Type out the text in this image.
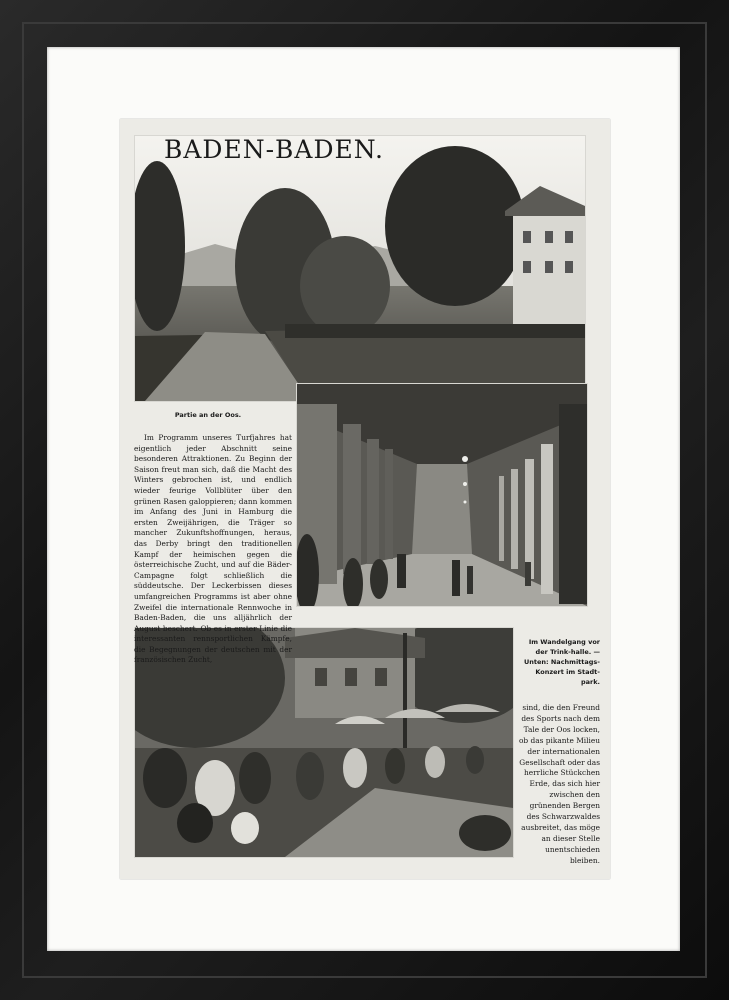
BADEN-BADEN.
Partie an der Oos.

Im Programm unseres Turfjahres hat eigentlich jeder Abschnitt seine besonderen Attraktionen. Zu Beginn der Saison freut man sich, daß die Macht des Winters gebrochen ist, und endlich wieder feurige Vollblüter über den grünen Rasen galoppieren; dann kommen im Anfang des Juni in Hamburg die ersten Zweijährigen, die Träger so mancher Zukunftshoffnungen, heraus, das Derby bringt den traditionellen Kampf der heimischen gegen die österreichische Zucht, und auf die Bäder-Campagne folgt schließlich die süddeutsche. Der Leckerbissen dieses umfangreichen Programms ist aber ohne Zweifel die internationale Rennwoche in Baden-Baden, die uns alljährlich der August beschert. Ob es in erster Linie die interessanten rennsportlichen Kämpfe, die Begegnungen der deutschen mit der französischen Zucht,

Im Wandelgang vor der Trink-halle. — Unten: Nachmittags-Konzert im Stadt-park.

sind, die den Freund des Sports nach dem Tale der Oos locken, ob das pikante Milieu der internationalen Gesellschaft oder das herrliche Stückchen Erde, das sich hier zwischen den grünenden Bergen des Schwarzwaldes ausbreitet, das möge an dieser Stelle unentschieden bleiben.
